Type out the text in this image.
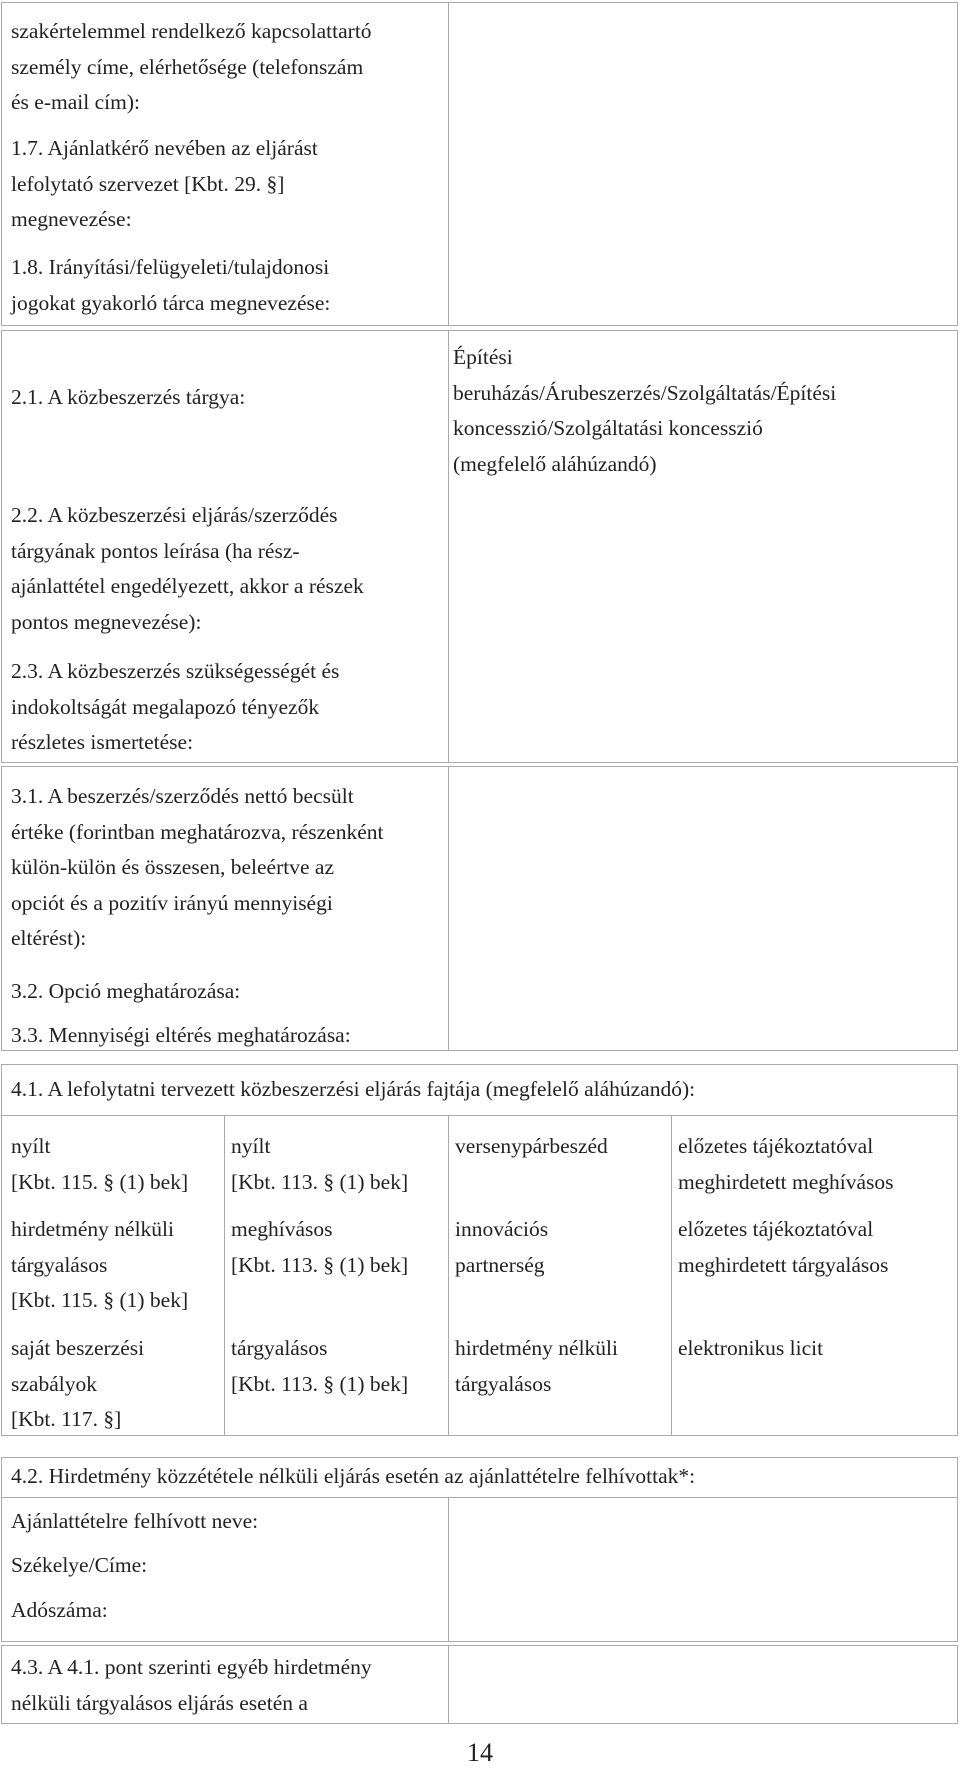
szakértelemmel rendelkező kapcsolattartó
személy címe, elérhetősége (telefonszám
és e-mail cím):
1.7. Ajánlatkérő nevében az eljárást
lefolytató szervezet [Kbt. 29. §]
megnevezése:
1.8. Irányítási/felügyeleti/tulajdonosi
jogokat gyakorló tárca megnevezése:
2.1. A közbeszerzés tárgya:
Építési
beruházás/Árubeszerzés/Szolgáltatás/Építési
koncesszió/Szolgáltatási koncesszió
(megfelelő aláhúzandó)
2.2. A közbeszerzési eljárás/szerződés
tárgyának pontos leírása (ha rész-
ajánlattétel engedélyezett, akkor a részek
pontos megnevezése):
2.3. A közbeszerzés szükségességét és
indokoltságát megalapozó tényezők
részletes ismertetése:
3.1. A beszerzés/szerződés nettó becsült
értéke (forintban meghatározva, részenként
külön-külön és összesen, beleértve az
opciót és a pozitív irányú mennyiségi
eltérést):
3.2. Opció meghatározása:
3.3. Mennyiségi eltérés meghatározása:
4.1. A lefolytatni tervezett közbeszerzési eljárás fajtája (megfelelő aláhúzandó):
nyílt
[Kbt. 115. § (1) bek]
nyílt
[Kbt. 113. § (1) bek]
versenypárbeszéd	előzetes tájékoztatóval
meghirdetett meghívásos
hirdetmény nélküli
tárgyalásos
[Kbt. 115. § (1) bek]
meghívásos
[Kbt. 113. § (1) bek]
innovációs
partnerség
előzetes tájékoztatóval
meghirdetett tárgyalásos
saját beszerzési
szabályok
[Kbt. 117. §]
tárgyalásos
[Kbt. 113. § (1) bek]
hirdetmény nélküli
tárgyalásos
elektronikus licit
4.2. Hirdetmény közzététele nélküli eljárás esetén az ajánlattételre felhívottak*:
Ajánlattételre felhívott neve:
Székelye/Címe:
Adószáma:
4.3. A 4.1. pont szerinti egyéb hirdetmény
nélküli tárgyalásos eljárás esetén a
14
